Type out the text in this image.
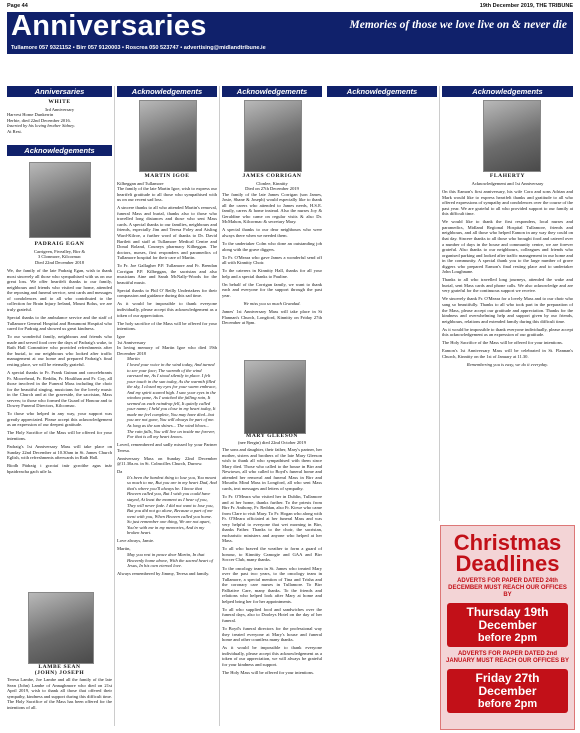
Page 44	19th December 2019, THE TRIBUNE
Anniversaries	Memories of those we love live on & never die
Tullamore 057 9321152 • Birr 057 9120003 • Roscrea 050 523747 • advertising@midlandtribune.ie
Anniversaries
Acknowledgements
Acknowledgements	Acknowledgements	Acknowledgements	Acknowledgements
WHITE
3rd Anniversary
Harvest Home Dunkerrin
Herbie, died 22nd December 2016.
Inserted by his loving brother Sidney.
At Rest.
PADRAIG EGAN
Carrigeen, Fivealley, Birr &
3 Clonmore, Kilcormac
Died 22nd December 2018

We, the family of the late Padraig Egan, wish to thank most sincerely all those who sympathised with us on our great loss. We offer heartfelt thanks to our family, neighbours and friends who visited our home, attended the reposing and funeral service, sent cards and messages of condolences and to all who contributed to the collection for Brain Injury Ireland, Mount Bolus, we are truly grateful.

Special thanks to the ambulance service and the staff of Tullamore General Hospital and Beaumont Hospital who cared for Padraig and showed us great kindness.

To our wonderful family, neighbours and friends who made and served food over the days of Padraig's wake, to Rath Hall Committee who provided refreshments after the burial, to our neighbours who looked after traffic management at our home and prepared Padraig's final resting place, we will be eternally grateful.

A special thanks to Fr. Frank Guinan and concelebrants Fr. Moorehead, Fr. Reddin, Fr. Houlihan and Fr. Coy, all those involved in the Funeral Mass including the choir for the beautiful singing, musicians for the lovely music in the Church and at the graveside, the sacristan, Mass servers; to those who formed the Guard of Honour and to Dowey Funeral Directors, Kilcormac.

To those who helped in any way, your support was greatly appreciated. Please accept this acknowledgement as an expression of our deepest gratitude.

The Holy Sacrifice of the Mass will be offered for your intentions.

Padraig's 1st Anniversary Mass will take place on Sunday 22nd December at 10.30am in St. James Church Eglish, with refreshments afterwards in Rath Hall.

Bíodh Pádraig i gcroiaí inár gcroíthe agus inár bpaidreacha gach uile la.

LAMBE SEAN
(JOHN) JOSEPH

Teresa Lambe, Joe Lambe and all the family of the late Sean (John) Lambe of Annaghmore who died on 21st April 2019, wish to thank all those that offered their sympathy, kindness and support during this difficult time. The Holy Sacrifice of the Mass has been offered for the intentions of all.

MARTIN IGOE

Kilbeggan and Tullamore

The family of the late Martin Igoe, wish to express our heartfelt gratitude to all those who sympathised with us on our recent sad loss.

A sincere thanks to all who attended Martin's removal, funeral Mass and burial, thanks also to those who travelled long distances and those who sent Mass cards. A special thanks to our families, neighbours and friends, especially Jim and Teresa Foley and Aisling Ward-Kilroe, a further word of thanks to Dr. David Bartlett and staff at Tullamore Medical Centre and Donal Boland, Couneys pharmacy Kilbeggan. The doctors, nurses, first responders and paramedics of Tullamore hospital for their care of Martin.

To Fr. Joe Gallagher P.P. Tullamore and Fr. Brendan Corrigan P.P. Kilbeggan, the sacristan and also musicians Aine and Sarah McNally-Woods for the beautiful music.

Special thanks to Phil O' Reilly Undertakers for their compassion and guidance during this sad time.

As it would be impossible to thank everyone individually, please accept this acknowledgement as a token of our appreciation.

The holy sacrifice of the Mass will be offered for your intentions.

Igoe

1st Anniversary

In loving memory of Martin Igoe who died 19th December 2018

Martin

I loved your voice in the wind today, And turned to see your face; The warmth of the wind caressed me, As I stood silently in place. I felt your touch in the sun today, As the warmth filled the sky, I closed my eyes for your warm embrace, And my spirit soared high. I saw your eyes in the window pane, As I watched the falling rain, It seemed as each raindrop fell, It quietly called your name; I held you close in my heart today, It made me feel complete, You may have died...but you are not gone, You will always be part of me. As long as the sun shines... The wind blows... The rain falls, You will live on inside me forever, For that is all my heart knows.

Loved, remembered and sadly missed by your Partner Teresa.

Anniversary Mass on Sunday 22nd December @11.30a.m. in St. Colmcilles Church, Durrow.

Da

It's been the hardest thing to lose you, You meant so much to me, But you are in my heart Dad, And that's where you'll always be. I know that Heaven called you, But I wish you could have stayed, At least the moment as I hear of you, They will never fade. I did not want to lose you, But you did not go alone, Because a part of me went with you, When Heaven called you home. So just remember one thing, We are not apart, You're with me in my memories, And in my broken heart.

Love always, Jamie.

Martin,

May you rest in peace dear Martin, In that Heavenly home above, With the sacred heart of Jesus, In his own eternal love.

Always remembered by Jimmy, Teresa and family.

JAMES CORRIGAN
Clonlee, Kinnitty
Died on 27th December 2019

The family of the late James Corrigan (son James, Josie, Shane & Joseph) would especially like to thank all the carers who attended to James needs, H.S.E. family, carers & home instead. Also the nurses Joy & Geraldine who came on regular visits & also Dr. McMahon, Kilcormac & secretary Mary.

A special thanks to our dear neighbours who were always there when we needed them.

To the undertaker Colm who done an outstanding job along with the grave diggers.

To Fr. O'Meara who gave James a wonderful send off all with Kinnitty Choir.

To the caterers in Kinnitty Hall, thanks for all your help and a special thanks to Pauline.

On behalf of the Corrigan family, we want to thank each and everyone for the support through the past year.

We miss you so much Grandad.

James' 1st Anniversary Mass will take place in St Flannan's Church, Longford, Kinnitty on Friday 27th December at 8pm.

MARY GLEESON
(nee Bergin) died 22nd October 2019

The sons and daughter, their father, Mary's partner, her mother, sisters and brothers of the late Mary Gleeson wish to thank all who sympathised with them since Mary died. Those who called to the house in Birr and Newtown, all who called to Boyd's funeral home and attended her removal and funeral Mass in Birr and Mourths Mind Mass in Longford, all who sent Mass cards, text messages and letters of sympathy.

To Fr. O'Meara who visited her in Dublin, Tullamore and at her home, thanks further. To the priests from Birr Fr. Anthony, Fr. Reddan, also Fr. Kirwe who came from Clare to visit Mary. To Fr. Hogan who along with Fr. O'Meara officiated at her funeral Mass and was very helpful to everyone that wet morning in Birr, thanks Father. Thanks to the choir, the sacristan, eucharistic ministers and anyone who helped at her Mass.

To all who braved the weather to form a guard of honour, to Kinnitty Camogie and GAA and Birr Soccer Club, many thanks.

To the oncology team in St. James who treated Mary over the past two years, to the oncology team in Tullamore, a special mention of Tina and Trisha and the coronary care nurses in Tullamore. To Birr Palliative Care, many thanks. To the friends and relations who helped look after Mary at home and helped bring her for her appointments.

To all who supplied food and sandwiches over the funeral days, also to Dooleys Hotel on the day of her funeral.

To Boyd's funeral directors for the professional way they treated everyone at Mary's house and funeral home and other countless many thanks.

As it would be impossible to thank everyone individually, please accept this acknowledgement as a token of our appreciation, we will always be grateful for your kindness and support.

The Holy Mass will be offered for your intentions.

FLAHERTY
Acknowledgement and 1st Anniversary

On this Eamon's first anniversary, his wife Cora and sons Adrian and Mark would like to express heartfelt thanks and gratitude to all who offered expressions of sympathy and condolences over the course of the past year. We are grateful to all who provided support to our family at this difficult time.

We would like to thank the first responders, local nurses and paramedics, Midland Regional Hospital Tullamore, friends and neighbours, and all those who helped Eamon in any way they could on that day. Sincere thanks to all those who brought food and catered over a number of days in the house and community centre, we are forever grateful. Also thanks to our neighbours, colleagues and friends who organised parking and looked after traffic management in our home and in the community. A special thank you to the large number of grave diggers who prepared Eamon's final resting place and to undertaker John Loughnane.

Thanks to all who travelled long journeys, attended the wake and burial, sent Mass cards and phone calls. We also acknowledge and are very grateful for the continuous support we receive.

We sincerely thank Fr. O'Meara for a lovely Mass and to our choir who sang so beautifully. Thanks to all who took part in the preparation of the Mass, please accept our gratitude and appreciation. Thanks for the kindness and overwhelming help and support given by our friends, neighbours, relations and extended family during this difficult time.

As it would be impossible to thank everyone individually, please accept this acknowledgement as an expression of our gratitude.

The Holy Sacrifice of the Mass will be offered for your intentions.

Eamon's 1st Anniversary Mass will be celebrated in St. Flannan's Church, Kinnitty on the 1st of January at 11.30.

Remembering you is easy, we do it everyday.

Christmas
Deadlines
ADVERTS FOR PAPER DATED 24th DECEMBER MUST REACH OUR OFFICES BY
Thursday 19th December
before 2pm
ADVERTS FOR PAPER DATED 2nd JANUARY MUST REACH OUR OFFICES BY
Friday 27th December
before 2pm
